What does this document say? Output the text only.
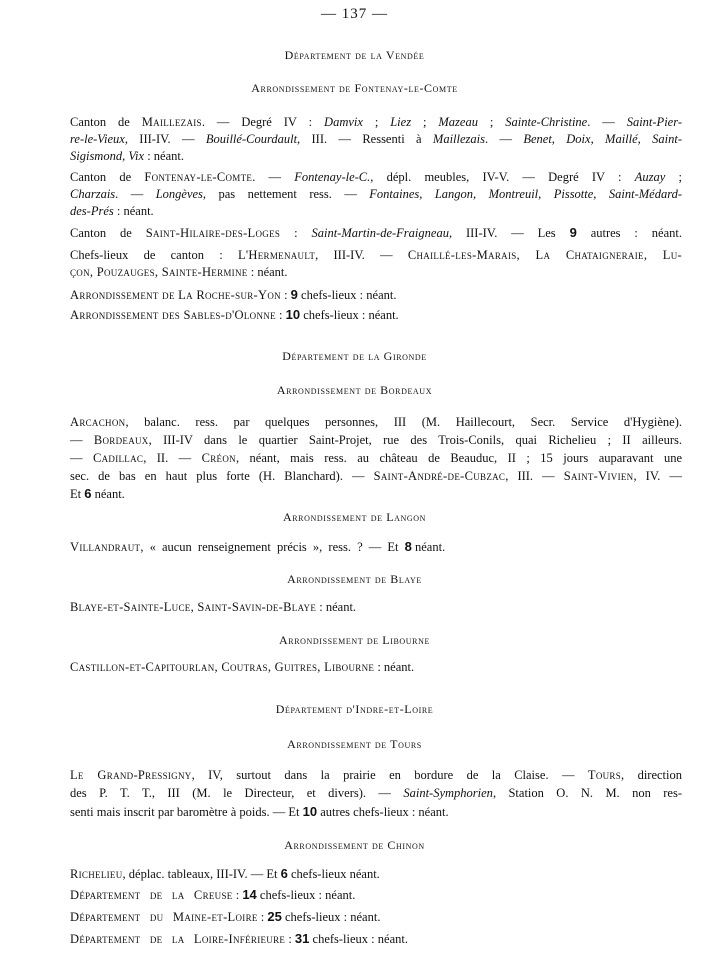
— 137 —
Département de la Vendée
Arrondissement de Fontenay-le-Comte
Canton de Maillezais. — Degré IV : Damvix ; Liez ; Mazeau ; Sainte-Christine. — Saint-Pier-
re-le-Vieux, III-IV. — Bouillé-Courdault, III. — Ressenti à Maillezais. — Benet, Doix, Maillé, Saint-
Sigismond, Vix : néant.
Canton de Fontenay-le-Comte. — Fontenay-le-C., dépl. meubles, IV-V. — Degré IV : Auzay ;
Charzais. — Longèves, pas nettement ress. — Fontaines, Langon, Montreuil, Pissotte, Saint-Médard-
des-Prés : néant.
Canton de Saint-Hilaire-des-Loges : Saint-Martin-de-Fraigneau, III-IV. — Les 9 autres : néant.
Chefs-lieux de canton : L'Hermenault, III-IV. — Chaillé-les-Marais, La Chataigneraie, Lu-
çon, Pouzauges, Sainte-Hermine : néant.
Arrondissement de La Roche-sur-Yon : 9 chefs-lieux : néant.
Arrondissement des Sables-d'Olonne : 10 chefs-lieux : néant.
Département de la Gironde
Arrondissement de Bordeaux
Arcachon, balanc. ress. par quelques personnes, III (M. Haillecourt, Secr. Service d'Hygiène).
— Bordeaux, III-IV dans le quartier Saint-Projet, rue des Trois-Conils, quai Richelieu ; II ailleurs.
— Cadillac, II. — Créon, néant, mais ress. au château de Beauduc, II ; 15 jours auparavant une
sec. de bas en haut plus forte (H. Blanchard). — Saint-André-de-Cubzac, III. — Saint-Vivien, IV. —
Et 6 néant.
Arrondissement de Langon
Villandraut, « aucun renseignement précis », ress. ? — Et 8 néant.
Arrondissement de Blaye
Blaye-et-Sainte-Luce, Saint-Savin-de-Blaye : néant.
Arrondissement de Libourne
Castillon-et-Capitourlan, Coutras, Guitres, Libourne : néant.
Département d'Indre-et-Loire
Arrondissement de Tours
Le Grand-Pressigny, IV, surtout dans la prairie en bordure de la Claise. — Tours, direction
des P. T. T., III (M. le Directeur, et divers). — Saint-Symphorien, Station O. N. M. non res-
senti mais inscrit par baromètre à poids. — Et 10 autres chefs-lieux : néant.
Arrondissement de Chinon
Richelieu, déplac. tableaux, III-IV. — Et 6 chefs-lieux néant.
Département de la Creuse : 14 chefs-lieux : néant.
Département du Maine-et-Loire : 25 chefs-lieux : néant.
Département de la Loire-Inférieure : 31 chefs-lieux : néant.
